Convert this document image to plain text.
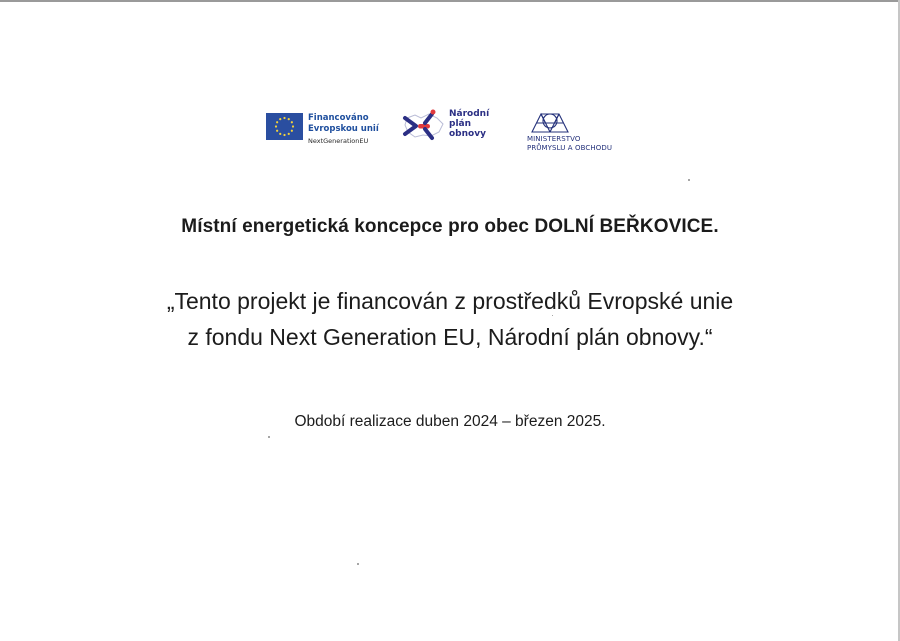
Financováno
Evropskou unií
NextGenerationEU
Národní
plán
obnovy	MINISTERSTVO
PRŮMYSLU A OBCHODU
Místní energetická koncepce pro obec DOLNÍ BEŘKOVICE.
„Tento projekt je financován z prostředků Evropské unie
z fondu Next Generation EU, Národní plán obnovy.“
Období realizace duben 2024 – březen 2025.
